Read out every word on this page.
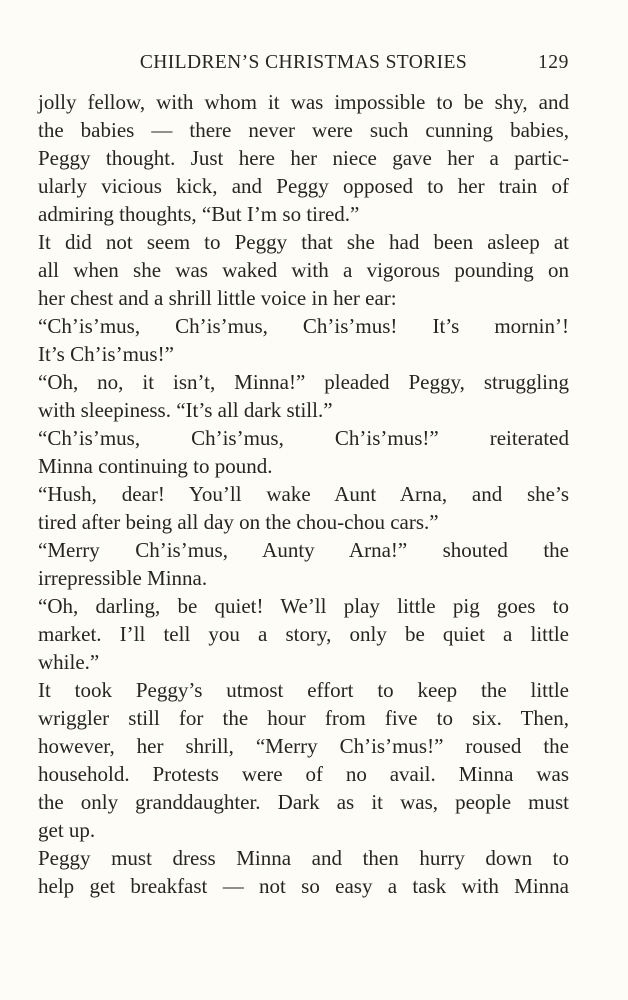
CHILDREN’S CHRISTMAS STORIES	129

jolly fellow, with whom it was impossible to be shy, and
the babies — there never were such cunning babies,
Peggy thought. Just here her niece gave her a partic-
ularly vicious kick, and Peggy opposed to her train of
admiring thoughts, “But I’m so tired.”

It did not seem to Peggy that she had been asleep at
all when she was waked with a vigorous pounding on
her chest and a shrill little voice in her ear:

“Ch’is’mus, Ch’is’mus, Ch’is’mus! It’s mornin’!
It’s Ch’is’mus!”

“Oh, no, it isn’t, Minna!” pleaded Peggy, struggling
with sleepiness. “It’s all dark still.”

“Ch’is’mus, Ch’is’mus, Ch’is’mus!” reiterated
Minna continuing to pound.

“Hush, dear! You’ll wake Aunt Arna, and she’s
tired after being all day on the chou-chou cars.”

“Merry Ch’is’mus, Aunty Arna!” shouted the
irrepressible Minna.

“Oh, darling, be quiet! We’ll play little pig goes to
market. I’ll tell you a story, only be quiet a little
while.”

It took Peggy’s utmost effort to keep the little
wriggler still for the hour from five to six. Then,
however, her shrill, “Merry Ch’is’mus!” roused the
household. Protests were of no avail. Minna was
the only granddaughter. Dark as it was, people must
get up.

Peggy must dress Minna and then hurry down to
help get breakfast — not so easy a task with Minna
